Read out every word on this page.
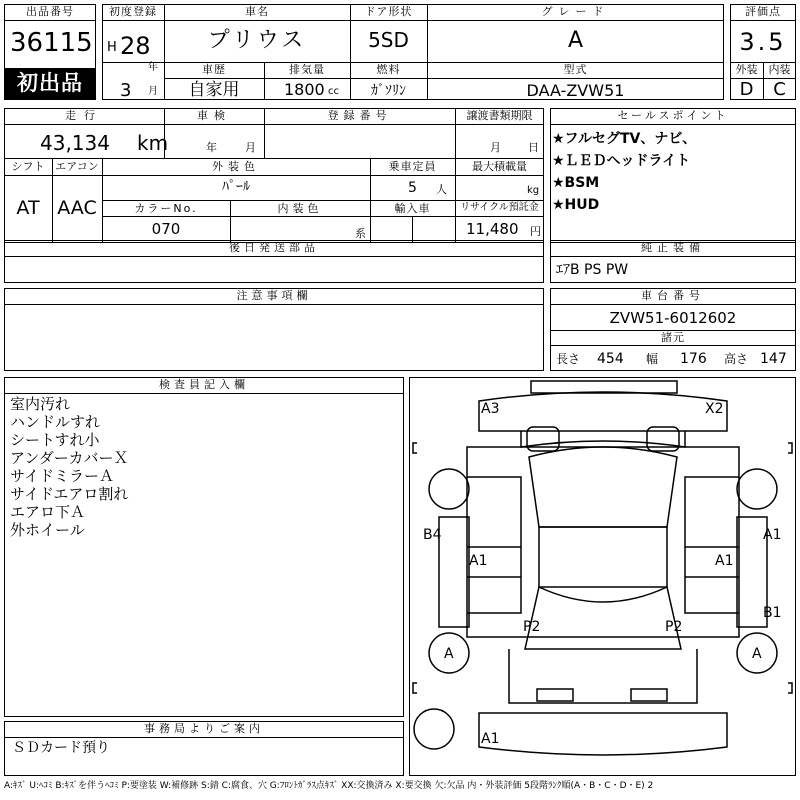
出品番号
36115
初出品
初度登録
H 28
年
3 月
車名
プリウス
ドア形状
5SD
グレード
A
車歴
自家用
排気量
1800 cc
燃料
ｶﾞｿﾘﾝ
型式
DAA-ZVW51
評価点
3.5
外装	内装
D	C
走行
43,134 km
車検
年	月
登録番号	譲渡書類期限
月 日
シフト
AT
エアコン
AAC
外装色
ﾊﾟｰﾙ
乗車定員
5 人
最大積載量
kg
カラーNo.
070
内装色
系
輸入車	リサイクル預託金
11,480 円
後日発送部品
セールスポイント
★フルセグTV、ナビ、
★ＬＥＤヘッドライト
★BSM
★HUD
純正装備
ｴｱB PS PW
注意事項欄	車台番号
ZVW51-6012602
諸元
長さ 454 幅 176 高さ 147
検査員記入欄
室内汚れ
ハンドルすれ
シートすれ小
アンダーカバーＸ
サイドミラーＡ
サイドエアロ割れ
エアロ下Ａ
外ホイール
事務局よりご案内
ＳＤカード預り
A3	X2
B4
A1	A1
A1
B1
P2	P2
A	A
A1
A:ｷｽﾞ U:ﾍｺﾐ B:ｷｽﾞを伴うﾍｺﾐ P:要塗装 W:補修跡 S:錆 C:腐食、穴 G:ﾌﾛﾝﾄｶﾞﾗｽ点ｷｽﾞ XX:交換済み X:要交換 欠:欠品 内・外装評価 5段階ﾗﾝｸ順(A・B・C・D・E) 2
